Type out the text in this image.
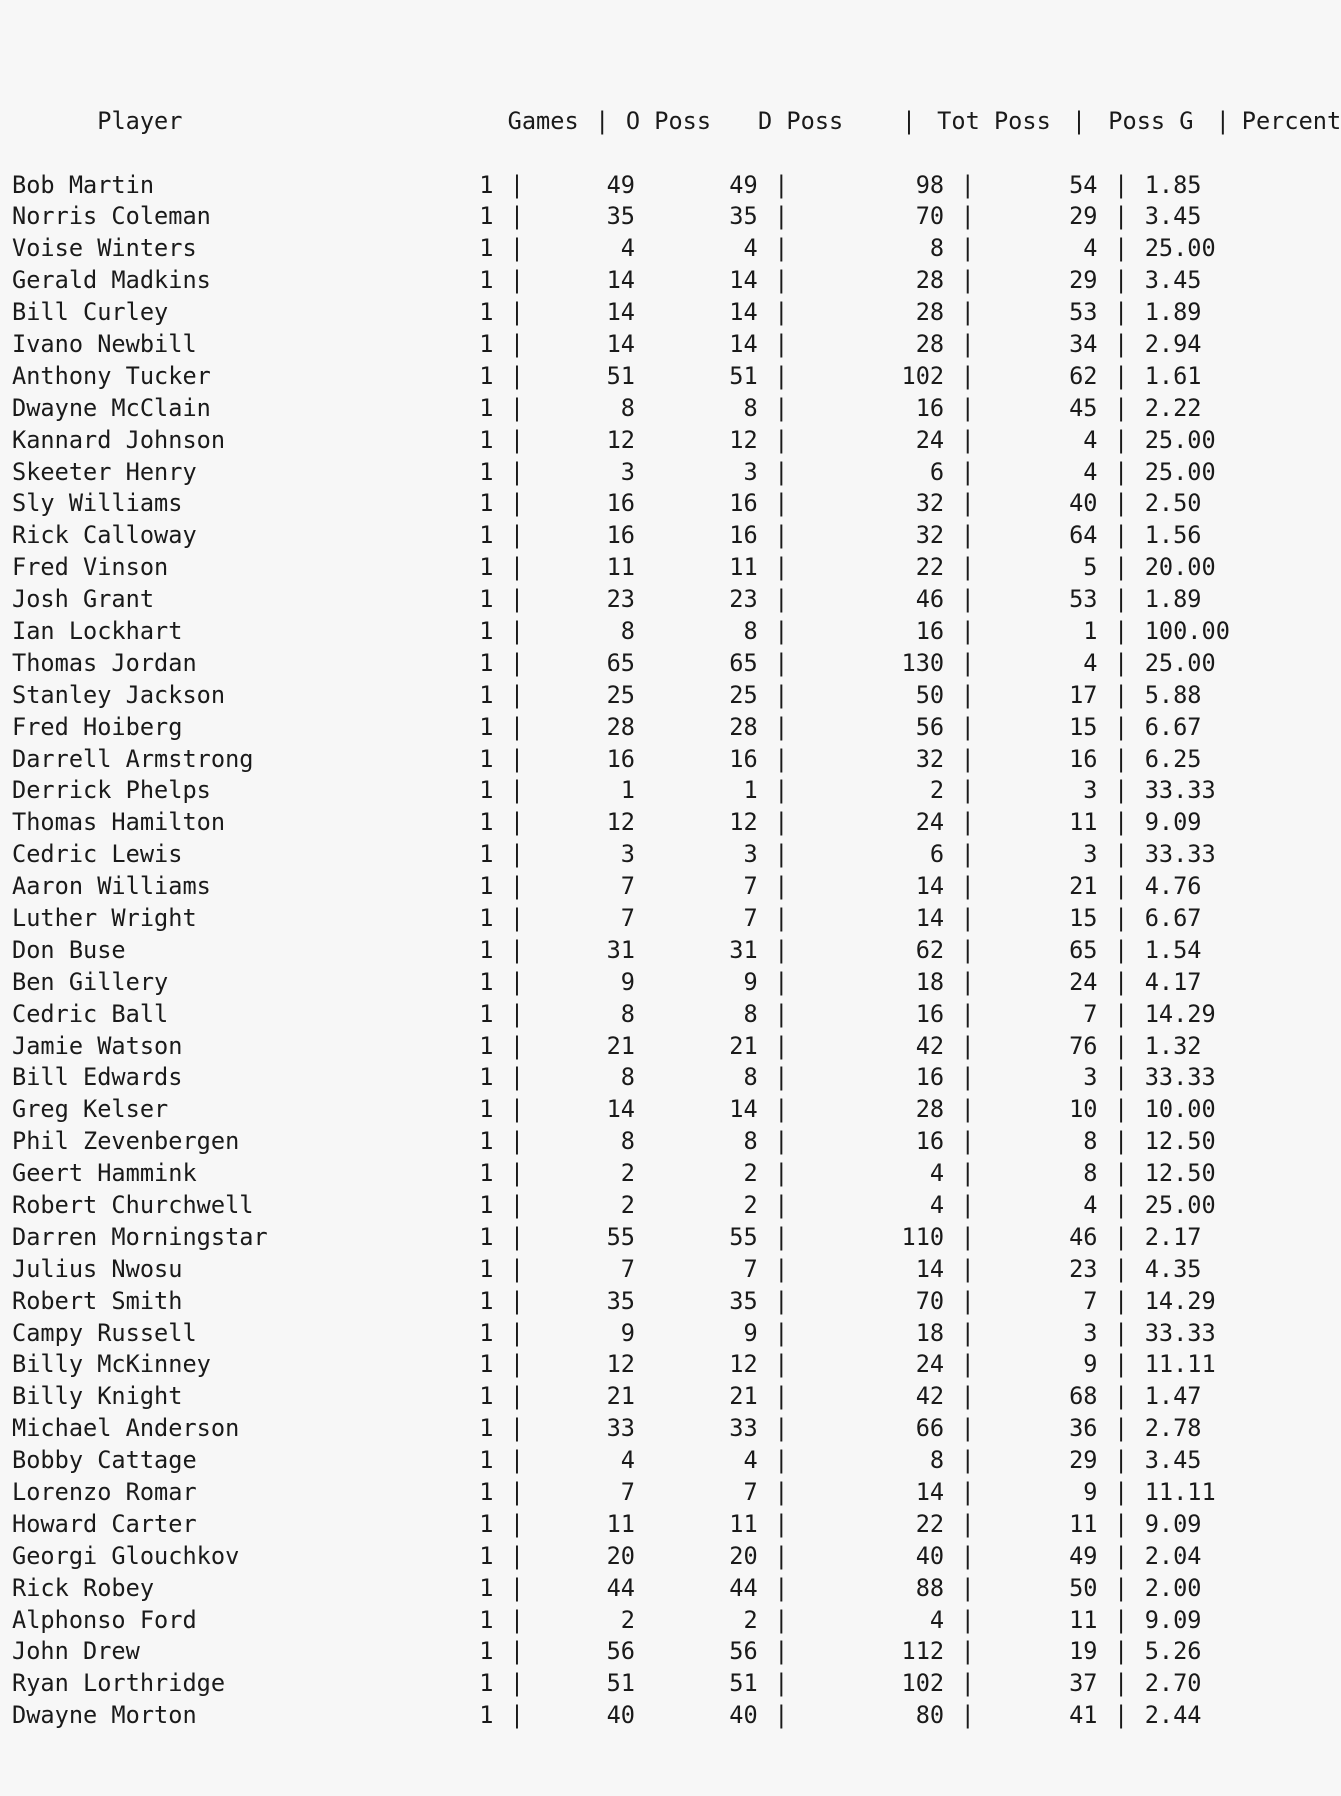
Player	Games | O Poss D Poss | Tot Poss | Poss G | Percent

Bob Martin	1 |	49	49 |	98 |	54 | 1.85
Norris Coleman	1 |	35	35 |	70 |	29 | 3.45
Voise Winters	1 |	4	4 |	8 |	4 | 25.00
Gerald Madkins	1 |	14	14 |	28 |	29 | 3.45
Bill Curley	1 |	14	14 |	28 |	53 | 1.89
Ivano Newbill	1 |	14	14 |	28 |	34 | 2.94
Anthony Tucker	1 |	51	51 |	102 |	62 | 1.61
Dwayne McClain	1 |	8	8 |	16 |	45 | 2.22
Kannard Johnson	1 |	12	12 |	24 |	4 | 25.00
Skeeter Henry	1 |	3	3 |	6 |	4 | 25.00
Sly Williams	1 |	16	16 |	32 |	40 | 2.50
Rick Calloway	1 |	16	16 |	32 |	64 | 1.56
Fred Vinson	1 |	11	11 |	22 |	5 | 20.00
Josh Grant	1 |	23	23 |	46 |	53 | 1.89
Ian Lockhart	1 |	8	8 |	16 |	1 | 100.00
Thomas Jordan	1 |	65	65 |	130 |	4 | 25.00
Stanley Jackson	1 |	25	25 |	50 |	17 | 5.88
Fred Hoiberg	1 |	28	28 |	56 |	15 | 6.67
Darrell Armstrong	1 |	16	16 |	32 |	16 | 6.25
Derrick Phelps	1 |	1	1 |	2 |	3 | 33.33
Thomas Hamilton	1 |	12	12 |	24 |	11 | 9.09
Cedric Lewis	1 |	3	3 |	6 |	3 | 33.33
Aaron Williams	1 |	7	7 |	14 |	21 | 4.76
Luther Wright	1 |	7	7 |	14 |	15 | 6.67
Don Buse	1 |	31	31 |	62 |	65 | 1.54
Ben Gillery	1 |	9	9 |	18 |	24 | 4.17
Cedric Ball	1 |	8	8 |	16 |	7 | 14.29
Jamie Watson	1 |	21	21 |	42 |	76 | 1.32
Bill Edwards	1 |	8	8 |	16 |	3 | 33.33
Greg Kelser	1 |	14	14 |	28 |	10 | 10.00
Phil Zevenbergen	1 |	8	8 |	16 |	8 | 12.50
Geert Hammink	1 |	2	2 |	4 |	8 | 12.50
Robert Churchwell	1 |	2	2 |	4 |	4 | 25.00
Darren Morningstar	1 |	55	55 |	110 |	46 | 2.17
Julius Nwosu	1 |	7	7 |	14 |	23 | 4.35
Robert Smith	1 |	35	35 |	70 |	7 | 14.29
Campy Russell	1 |	9	9 |	18 |	3 | 33.33
Billy McKinney	1 |	12	12 |	24 |	9 | 11.11
Billy Knight	1 |	21	21 |	42 |	68 | 1.47
Michael Anderson	1 |	33	33 |	66 |	36 | 2.78
Bobby Cattage	1 |	4	4 |	8 |	29 | 3.45
Lorenzo Romar	1 |	7	7 |	14 |	9 | 11.11
Howard Carter	1 |	11	11 |	22 |	11 | 9.09
Georgi Glouchkov	1 |	20	20 |	40 |	49 | 2.04
Rick Robey	1 |	44	44 |	88 |	50 | 2.00
Alphonso Ford	1 |	2	2 |	4 |	11 | 9.09
John Drew	1 |	56	56 |	112 |	19 | 5.26
Ryan Lorthridge	1 |	51	51 |	102 |	37 | 2.70
Dwayne Morton	1 |	40	40 |	80 |	41 | 2.44
